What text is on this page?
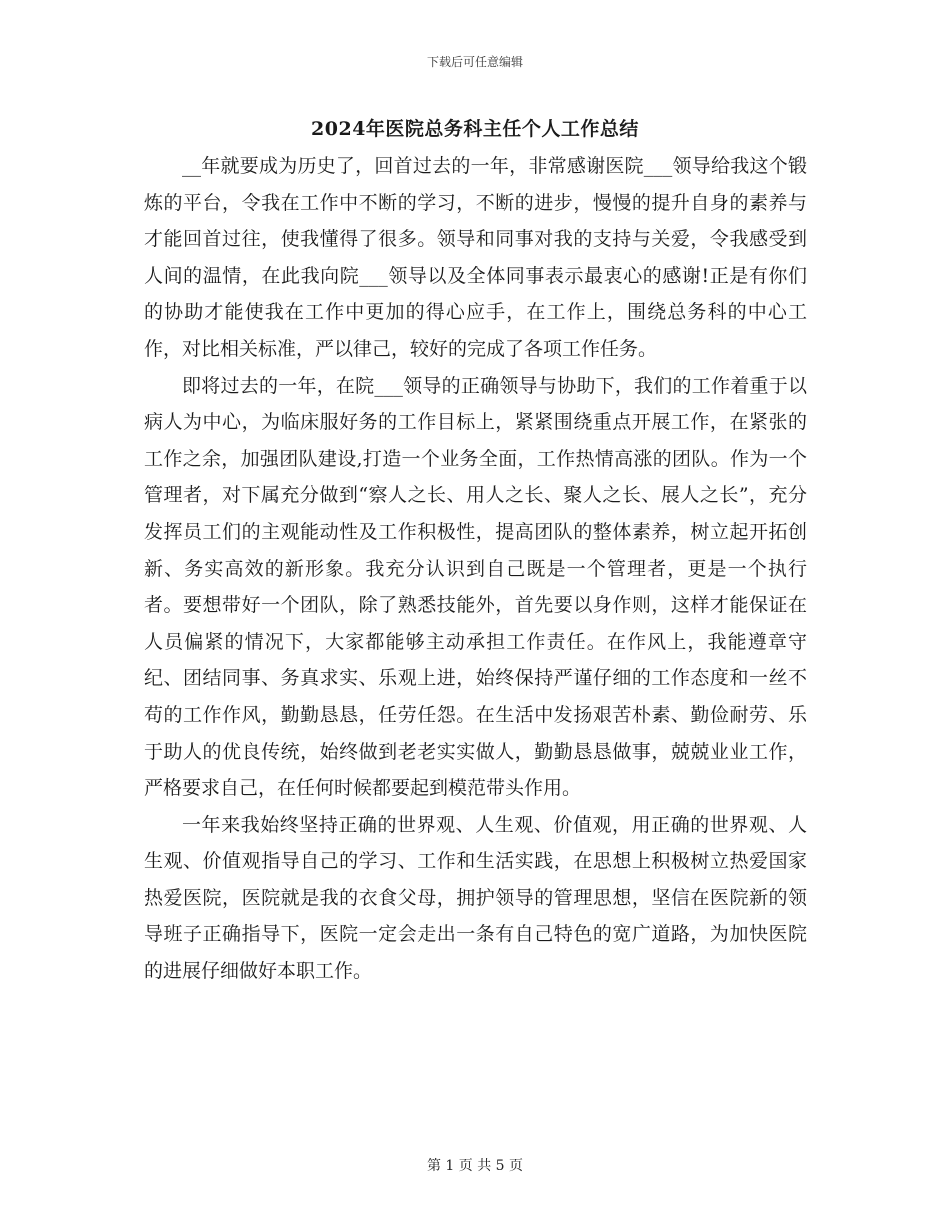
下载后可任意编辑
2024年医院总务科主任个人工作总结

__年就要成为历史了，回首过去的一年，非常感谢医院___领导给我这个锻炼的平台，令我在工作中不断的学习，不断的进步，慢慢的提升自身的素养与才能回首过往，使我懂得了很多。领导和同事对我的支持与关爱，令我感受到人间的温情，在此我向院___领导以及全体同事表示最衷心的感谢!正是有你们的协助才能使我在工作中更加的得心应手，在工作上，围绕总务科的中心工作，对比相关标准，严以律己，较好的完成了各项工作任务。

即将过去的一年，在院___领导的正确领导与协助下，我们的工作着重于以病人为中心，为临床服好务的工作目标上，紧紧围绕重点开展工作，在紧张的工作之余，加强团队建设,打造一个业务全面，工作热情高涨的团队。作为一个管理者，对下属充分做到“察人之长、用人之长、聚人之长、展人之长”，充分发挥员工们的主观能动性及工作积极性，提高团队的整体素养，树立起开拓创新、务实高效的新形象。我充分认识到自己既是一个管理者，更是一个执行者。要想带好一个团队，除了熟悉技能外，首先要以身作则，这样才能保证在人员偏紧的情况下，大家都能够主动承担工作责任。在作风上，我能遵章守纪、团结同事、务真求实、乐观上进，始终保持严谨仔细的工作态度和一丝不苟的工作作风，勤勤恳恳，任劳任怨。在生活中发扬艰苦朴素、勤俭耐劳、乐于助人的优良传统，始终做到老老实实做人，勤勤恳恳做事，兢兢业业工作，严格要求自己，在任何时候都要起到模范带头作用。

一年来我始终坚持正确的世界观、人生观、价值观，用正确的世界观、人生观、价值观指导自己的学习、工作和生活实践，在思想上积极树立热爱国家热爱医院，医院就是我的衣食父母，拥护领导的管理思想，坚信在医院新的领导班子正确指导下，医院一定会走出一条有自己特色的宽广道路，为加快医院的进展仔细做好本职工作。

第 1 页 共 5 页
